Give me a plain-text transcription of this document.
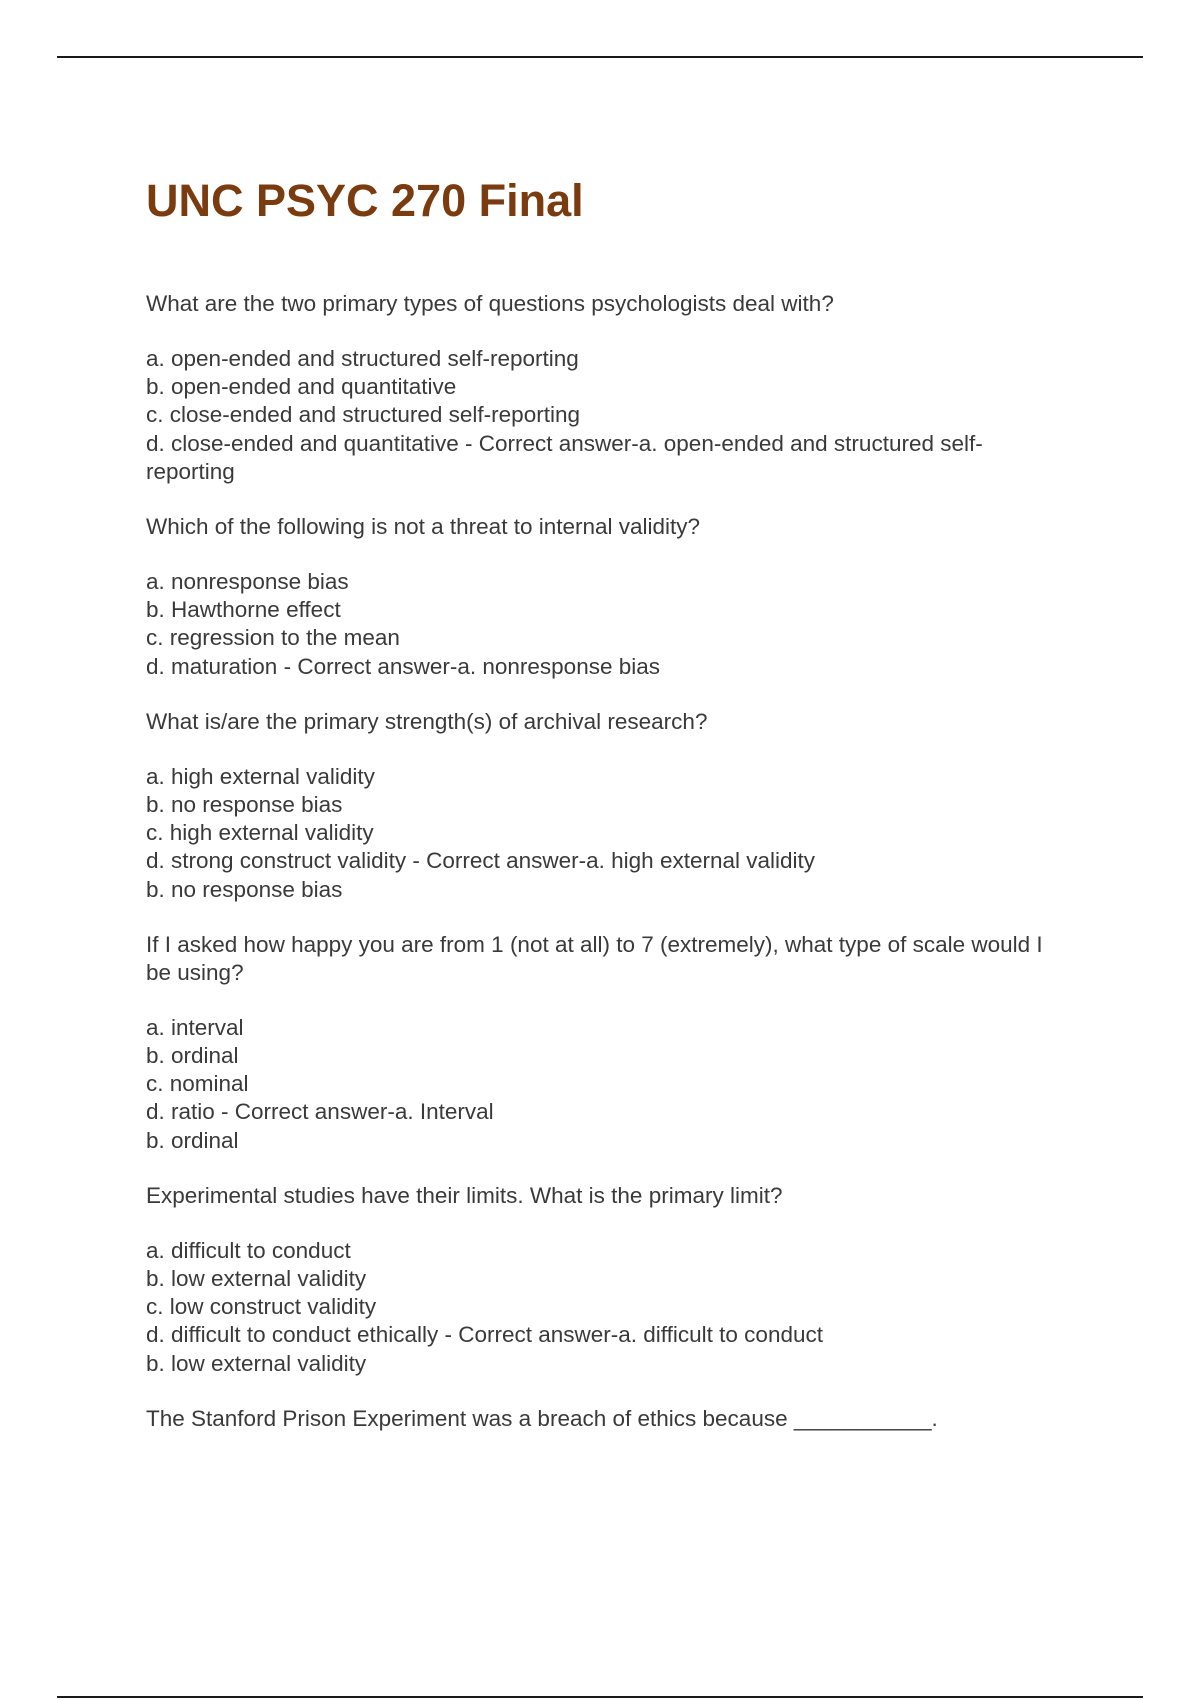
UNC PSYC 270 Final

What are the two primary types of questions psychologists deal with?

a. open-ended and structured self-reporting
b. open-ended and quantitative
c. close-ended and structured self-reporting
d. close-ended and quantitative - Correct answer-a. open-ended and structured self-reporting

Which of the following is not a threat to internal validity?

a. nonresponse bias
b. Hawthorne effect
c. regression to the mean
d. maturation - Correct answer-a. nonresponse bias

What is/are the primary strength(s) of archival research?

a. high external validity
b. no response bias
c. high external validity
d. strong construct validity - Correct answer-a. high external validity
b. no response bias

If I asked how happy you are from 1 (not at all) to 7 (extremely), what type of scale would I be using?

a. interval
b. ordinal
c. nominal
d. ratio - Correct answer-a. Interval
b. ordinal

Experimental studies have their limits. What is the primary limit?

a. difficult to conduct
b. low external validity
c. low construct validity
d. difficult to conduct ethically - Correct answer-a. difficult to conduct
b. low external validity

The Stanford Prison Experiment was a breach of ethics because ___________.
